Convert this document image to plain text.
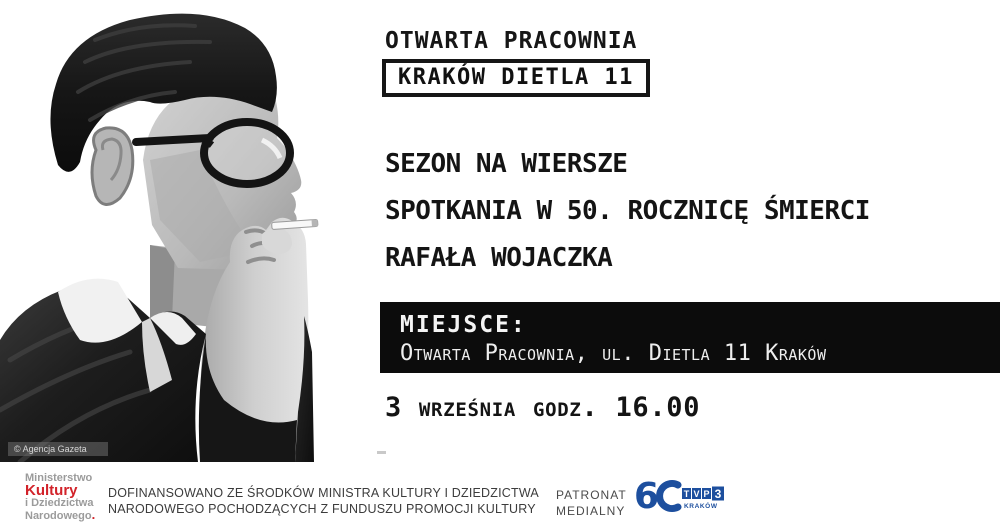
© Agencja Gazeta
OTWARTA PRACOWNIA
KRAKÓW DIETLA 11
SEZON NA WIERSZE
SPOTKANIA W 50. ROCZNICĘ ŚMIERCI
RAFAŁA WOJACZKA
MIEJSCE:
Otwarta Pracownia, ul. Dietla 11 Kraków
3 września godz. 16.00
Ministerstwo
Kultury
i Dziedzictwa
Narodowego.
DOFINANSOWANO ZE ŚRODKÓW MINISTRA KULTURY I DZIEDZICTWA
NARODOWEGO POCHODZĄCYCH Z FUNDUSZU PROMOCJI KULTURY
PATRONAT
MEDIALNY 6	T V P 3
KRAKÓW
